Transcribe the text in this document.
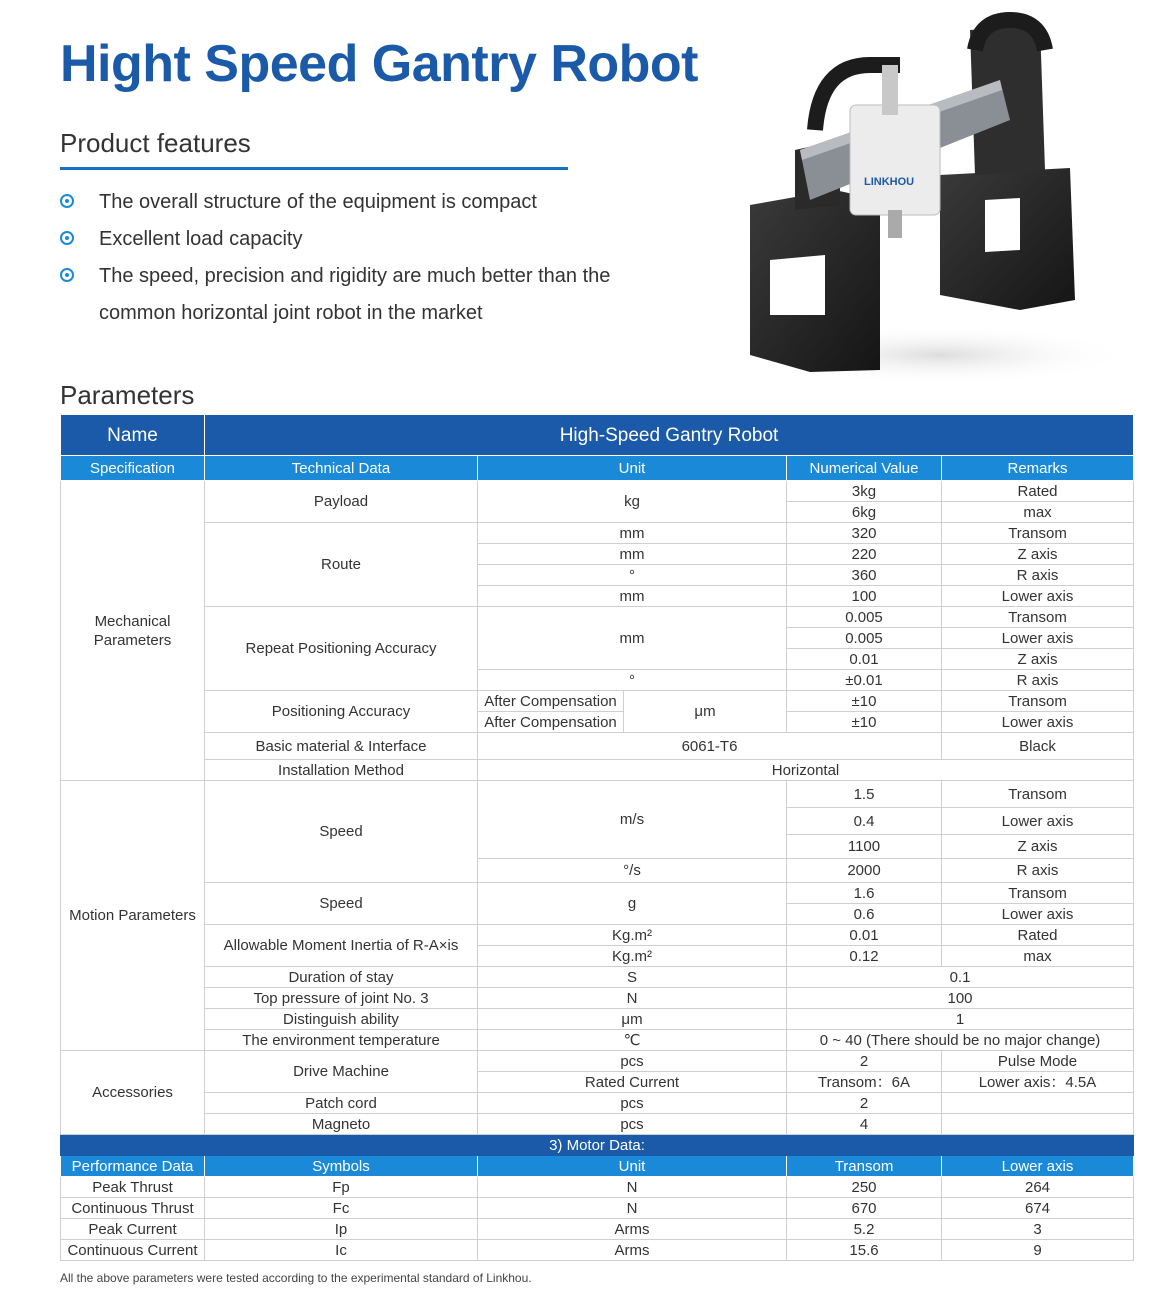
Hight Speed Gantry Robot
Product features
The overall structure of the equipment is compact
Excellent load capacity
The speed, precision and rigidity are much better than the common horizontal joint robot in the market
LINKHOU
Parameters
Name	High-Speed Gantry Robot				
Specification	Technical Data	Unit		Numerical Value	Remarks
Mechanical Parameters	Payload	kg		3kg	Rated
				6kg	max
	Route	mm		320	Transom
		mm		220	Z axis
		°		360	R axis
		mm		100	Lower axis
	Repeat Positioning Accuracy	mm		0.005	Transom
				0.005	Lower axis
				0.01	Z axis
		°		±0.01	R axis
	Positioning Accuracy	After Compensation	μm	±10	Transom
		After Compensation		±10	Lower axis
	Basic material & Interface	6061-T6			Black
	Installation Method	Horizontal			
Motion Parameters	Speed	m/s		1.5	Transom
				0.4	Lower axis
				1100	Z axis
		°/s		2000	R axis
	Speed	g		1.6	Transom
				0.6	Lower axis
	Allowable Moment Inertia of R-A×is	Kg.m²		0.01	Rated
		Kg.m²		0.12	max
	Duration of stay	S		0.1	
	Top pressure of joint No. 3	N		100	
	Distinguish ability	μm		1	
	The environment temperature	℃		0 ~ 40 (There should be no major change)	
Accessories	Drive Machine	pcs		2	Pulse Mode
		Rated Current		Transom：6A	Lower axis：4.5A
	Patch cord	pcs		2	
	Magneto	pcs		4	
3) Motor Data:					
Performance Data	Symbols	Unit		Transom	Lower axis
Peak Thrust	Fp	N		250	264
Continuous Thrust	Fc	N		670	674
Peak Current	Ip	Arms		5.2	3
Continuous Current	Ic	Arms		15.6	9
All the above parameters were tested according to the experimental standard of Linkhou.
